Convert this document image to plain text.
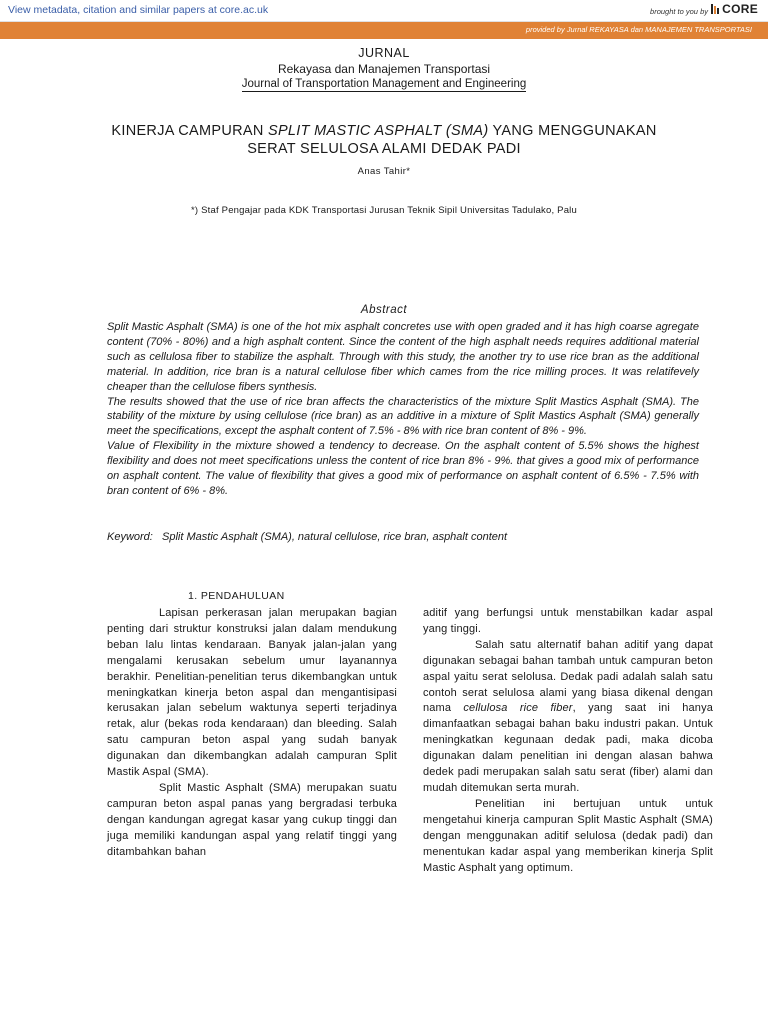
View metadata, citation and similar papers at core.ac.uk	brought to you by	CORE
provided by Jurnal REKAYASA dan MANAJEMEN TRANSPORTASI
JURNAL
Rekayasa dan Manajemen Transportasi
Journal of Transportation Management and Engineering
KINERJA CAMPURAN SPLIT MASTIC ASPHALT (SMA) YANG MENGGUNAKAN
SERAT SELULOSA ALAMI DEDAK PADI
Anas Tahir*
*) Staf Pengajar pada KDK Transportasi Jurusan Teknik Sipil Universitas Tadulako, Palu
Abstract

Split Mastic Asphalt (SMA) is one of the hot mix asphalt concretes use with open graded and it has high coarse agregate content (70% - 80%) and a high asphalt content. Since the content of the high asphalt needs requires additional material such as cellulosa fiber to stabilize the asphalt. Through with this study, the another try to use rice bran as the additional material. In addition, rice bran is a natural cellulose fiber which cames from the rice milling proces. It was relatifevely cheaper than the cellulose fibers synthesis.

The results showed that the use of rice bran affects the characteristics of the mixture Split Mastics Asphalt (SMA). The stability of the mixture by using cellulose (rice bran) as an additive in a mixture of Split Mastics Asphalt (SMA) generally meet the specifications, except the asphalt content of 7.5% - 8% with rice bran content of 8% - 9%.

Value of Flexibility in the mixture showed a tendency to decrease. On the asphalt content of 5.5% shows the highest flexibility and does not meet specifications unless the content of rice bran 8% - 9%. that gives a good mix of performance on asphalt content. The value of flexibility that gives a good mix of performance on asphalt content of 6.5% - 7.5% with bran content of 6% - 8%.

Keyword: Split Mastic Asphalt (SMA), natural cellulose, rice bran, asphalt content
1. PENDAHULUAN

Lapisan perkerasan jalan merupakan bagian penting dari struktur konstruksi jalan dalam mendukung beban lalu lintas kendaraan. Banyak jalan-jalan yang mengalami kerusakan sebelum umur layanannya berakhir. Penelitian-penelitian terus dikembangkan untuk meningkatkan kinerja beton aspal dan mengantisipasi kerusakan jalan sebelum waktunya seperti terjadinya retak, alur (bekas roda kendaraan) dan bleeding. Salah satu campuran beton aspal yang sudah banyak digunakan dan dikembangkan adalah campuran Split Mastik Aspal (SMA).

Split Mastic Asphalt (SMA) merupakan suatu campuran beton aspal panas yang bergradasi terbuka dengan kandungan agregat kasar yang cukup tinggi dan juga memiliki kandungan aspal yang relatif tinggi yang ditambahkan bahan

aditif yang berfungsi untuk menstabilkan kadar aspal yang tinggi.

Salah satu alternatif bahan aditif yang dapat digunakan sebagai bahan tambah untuk campuran beton aspal yaitu serat selolusa. Dedak padi adalah salah satu contoh serat selulosa alami yang biasa dikenal dengan nama cellulosa rice fiber, yang saat ini hanya dimanfaatkan sebagai bahan baku industri pakan. Untuk meningkatkan kegunaan dedak padi, maka dicoba digunakan dalam penelitian ini dengan alasan bahwa dedek padi merupakan salah satu serat (fiber) alami dan mudah ditemukan serta murah.

Penelitian ini bertujuan untuk untuk mengetahui kinerja campuran Split Mastic Asphalt (SMA) dengan menggunakan aditif selulosa (dedak padi) dan menentukan kadar aspal yang memberikan kinerja Split Mastic Asphalt yang optimum.
